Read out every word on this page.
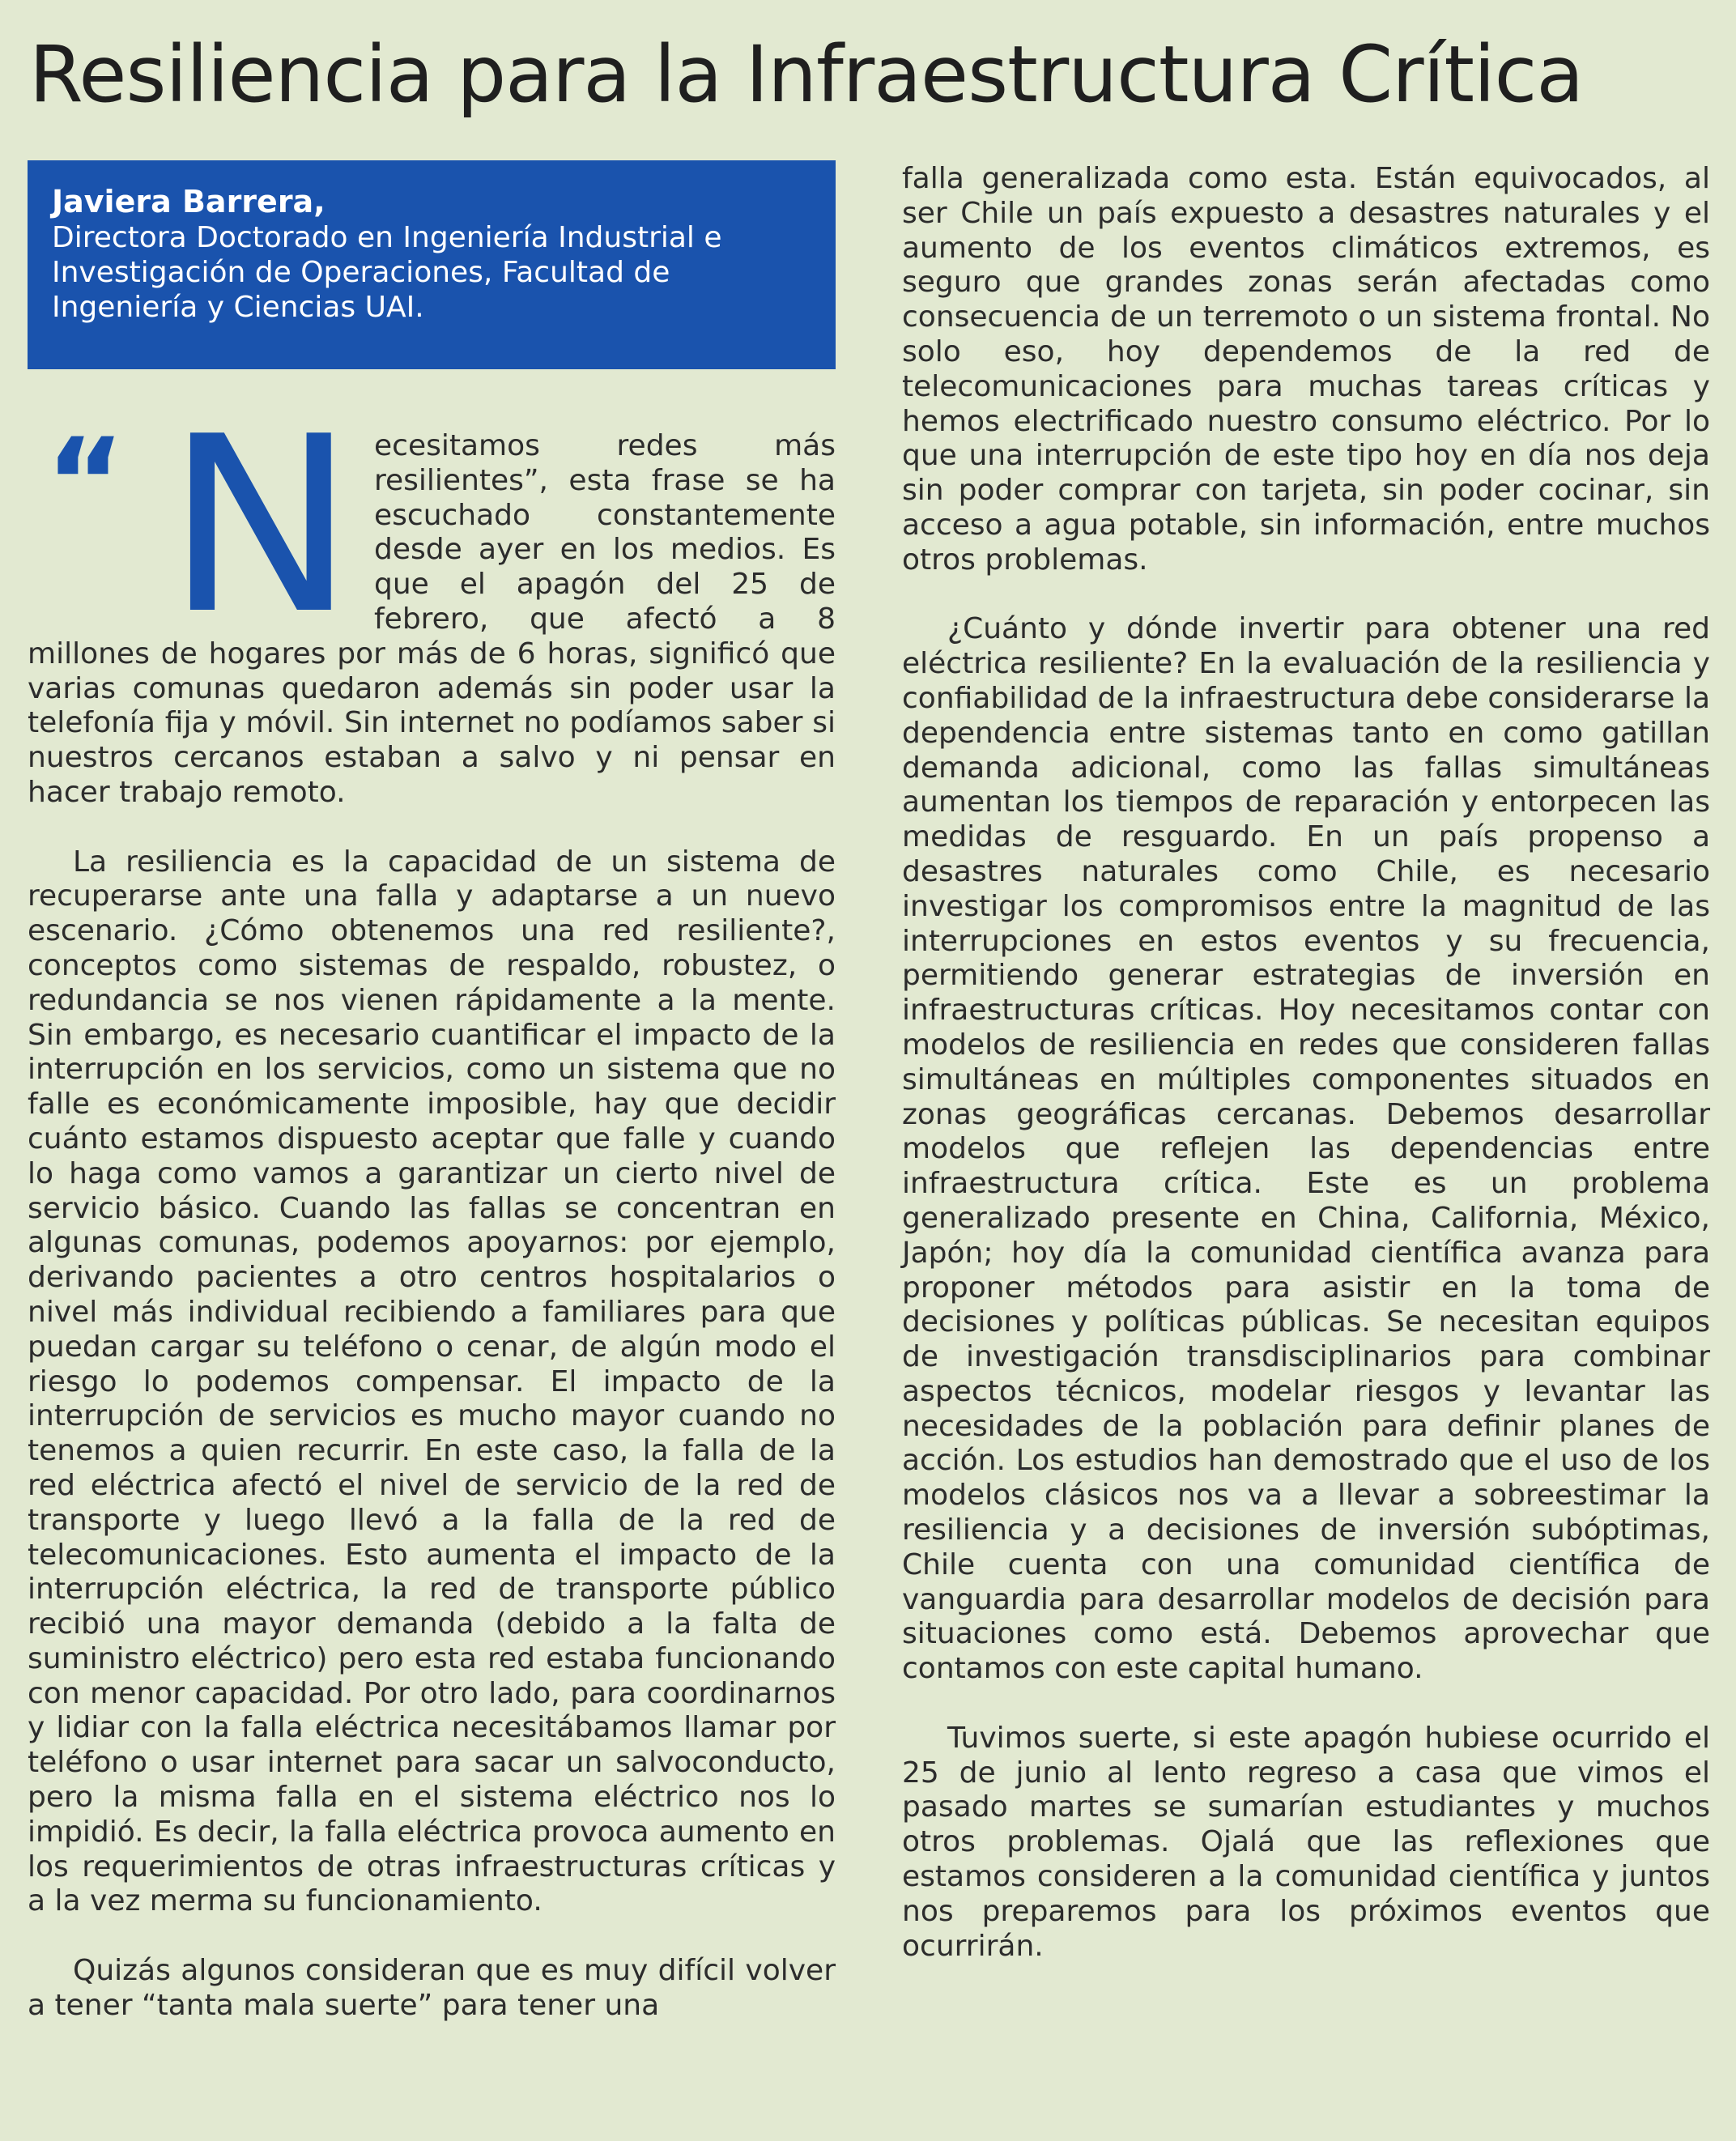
Resiliencia para la Infraestructura Crítica

Javiera Barrera,

Directora Doctorado en Ingeniería Industrial e Investigación de Operaciones, Facultad de Ingeniería y Ciencias UAI.

“ N ecesitamos redes más resilientes”, esta frase se ha escuchado constantemente desde ayer en los medios. Es que el apagón del 25 de febrero, que afectó a 8 millones de hogares por más de 6 horas, significó que varias comunas quedaron además sin poder usar la telefonía fija y móvil. Sin internet no podíamos saber si nuestros cercanos estaban a salvo y ni pensar en hacer trabajo remoto.

La resiliencia es la capacidad de un sistema de recuperarse ante una falla y adaptarse a un nuevo escenario. ¿Cómo obtenemos una red resiliente?, conceptos como sistemas de respaldo, robustez, o redundancia se nos vienen rápidamente a la mente. Sin embargo, es necesario cuantificar el impacto de la interrupción en los servicios, como un sistema que no falle es económicamente imposible, hay que decidir cuánto estamos dispuesto aceptar que falle y cuando lo haga como vamos a garantizar un cierto nivel de servicio básico. Cuando las fallas se concentran en algunas comunas, podemos apoyarnos: por ejemplo, derivando pacientes a otro centros hospitalarios o nivel más individual recibiendo a familiares para que puedan cargar su teléfono o cenar, de algún modo el riesgo lo podemos compensar. El impacto de la interrupción de servicios es mucho mayor cuando no tenemos a quien recurrir. En este caso, la falla de la red eléctrica afectó el nivel de servicio de la red de transporte y luego llevó a la falla de la red de telecomunicaciones. Esto aumenta el impacto de la interrupción eléctrica, la red de transporte público recibió una mayor demanda (debido a la falta de suministro eléctrico) pero esta red estaba funcionando con menor capacidad. Por otro lado, para coordinarnos y lidiar con la falla eléctrica necesitábamos llamar por teléfono o usar internet para sacar un salvoconducto, pero la misma falla en el sistema eléctrico nos lo impidió. Es decir, la falla eléctrica provoca aumento en los requerimientos de otras infraestructuras críticas y a la vez merma su funcionamiento.

Quizás algunos consideran que es muy difícil volver a tener “tanta mala suerte” para tener una

falla generalizada como esta. Están equivocados, al ser Chile un país expuesto a desastres naturales y el aumento de los eventos climáticos extremos, es seguro que grandes zonas serán afectadas como consecuencia de un terremoto o un sistema frontal. No solo eso, hoy dependemos de la red de telecomunicaciones para muchas tareas críticas y hemos electrificado nuestro consumo eléctrico. Por lo que una interrupción de este tipo hoy en día nos deja sin poder comprar con tarjeta, sin poder cocinar, sin acceso a agua potable, sin información, entre muchos otros problemas.

¿Cuánto y dónde invertir para obtener una red eléctrica resiliente? En la evaluación de la resiliencia y confiabilidad de la infraestructura debe considerarse la dependencia entre sistemas tanto en como gatillan demanda adicional, como las fallas simultáneas aumentan los tiempos de reparación y entorpecen las medidas de resguardo. En un país propenso a desastres naturales como Chile, es necesario investigar los compromisos entre la magnitud de las interrupciones en estos eventos y su frecuencia, permitiendo generar estrategias de inversión en infraestructuras críticas. Hoy necesitamos contar con modelos de resiliencia en redes que consideren fallas simultáneas en múltiples componentes situados en zonas geográficas cercanas. Debemos desarrollar modelos que reflejen las dependencias entre infraestructura crítica. Este es un problema generalizado presente en China, California, México, Japón; hoy día la comunidad científica avanza para proponer métodos para asistir en la toma de decisiones y políticas públicas. Se necesitan equipos de investigación transdisciplinarios para combinar aspectos técnicos, modelar riesgos y levantar las necesidades de la población para definir planes de acción. Los estudios han demostrado que el uso de los modelos clásicos nos va a llevar a sobreestimar la resiliencia y a decisiones de inversión subóptimas, Chile cuenta con una comunidad científica de vanguardia para desarrollar modelos de decisión para situaciones como está. Debemos aprovechar que contamos con este capital humano.

Tuvimos suerte, si este apagón hubiese ocurrido el 25 de junio al lento regreso a casa que vimos el pasado martes se sumarían estudiantes y muchos otros problemas. Ojalá que las reflexiones que estamos consideren a la comunidad científica y juntos nos preparemos para los próximos eventos que ocurrirán.
